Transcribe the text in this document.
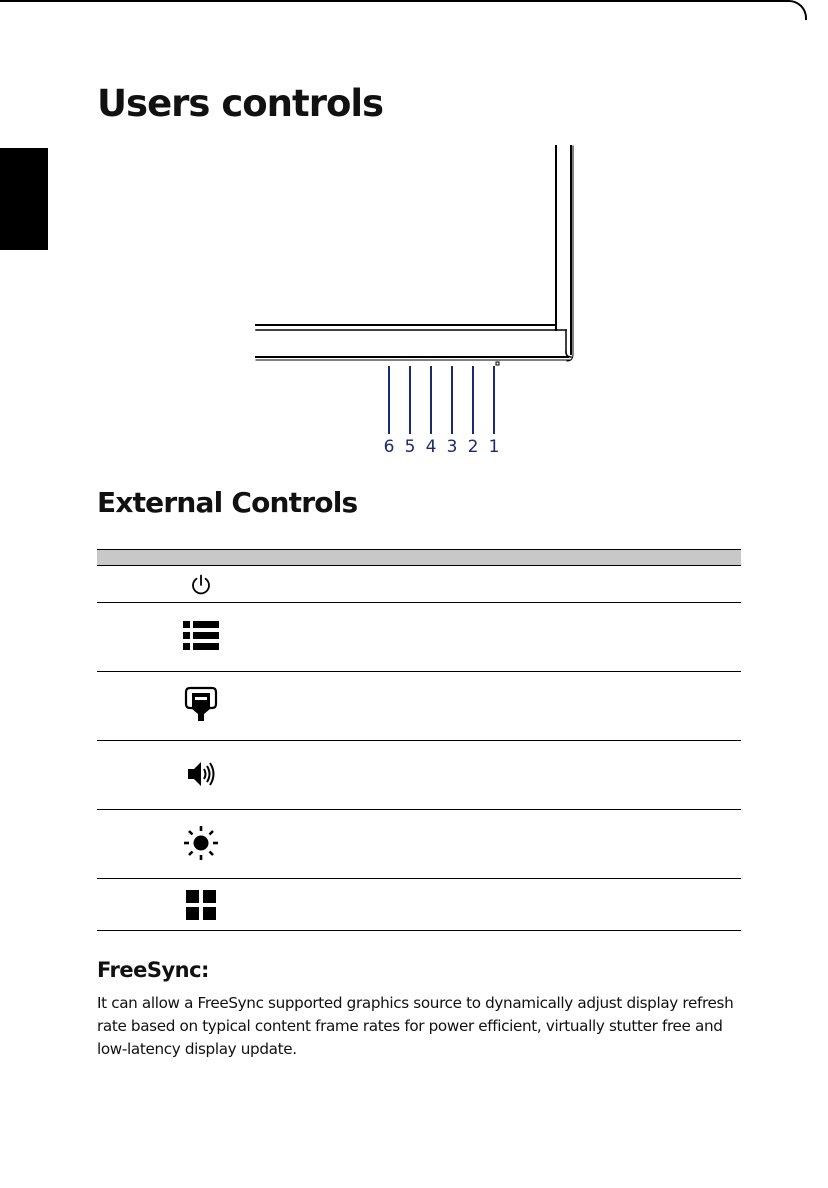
Users controls
6 5 4 3 2 1
External Controls
FreeSync:

It can allow a FreeSync supported graphics source to dynamically adjust display refresh rate based on typical content frame rates for power efficient, virtually stutter free and low-latency display update.
